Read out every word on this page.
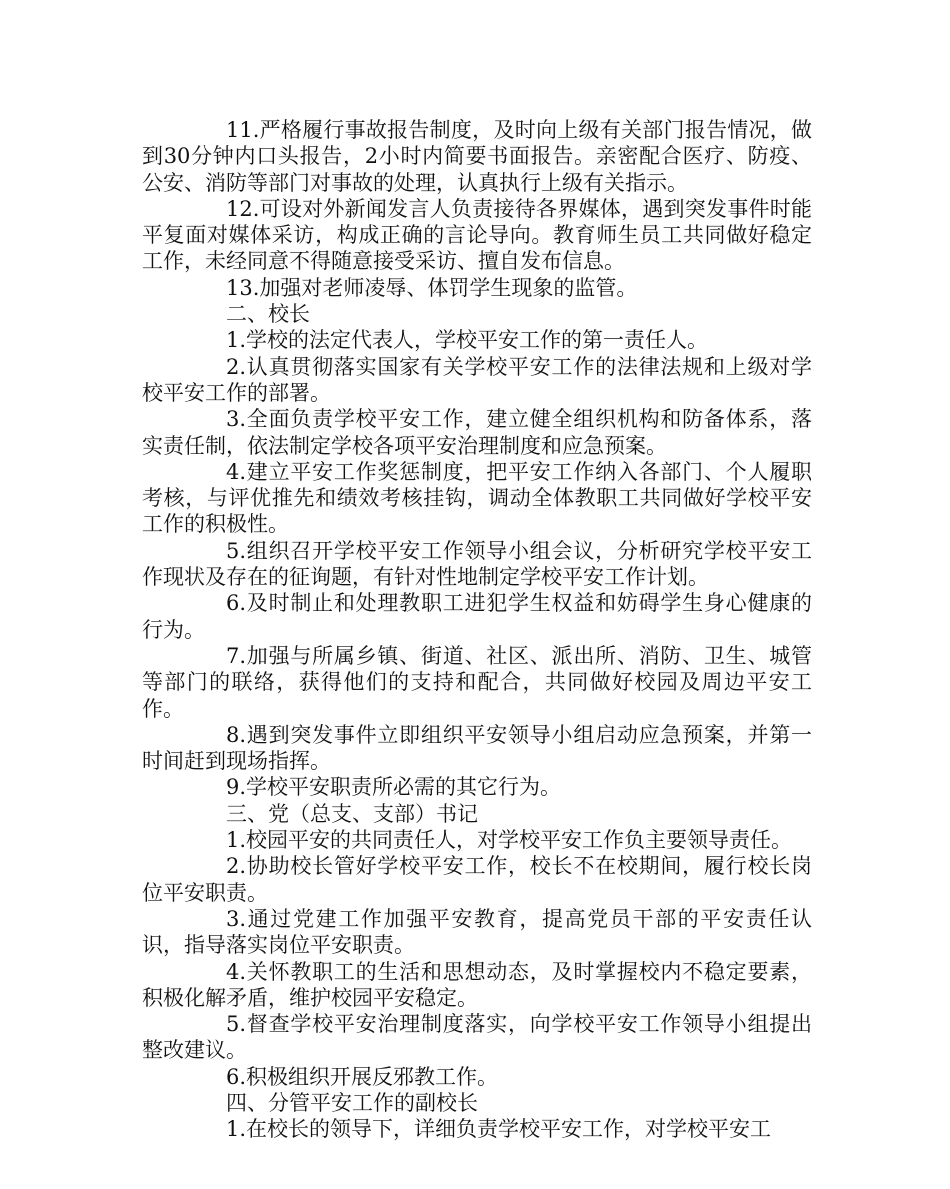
11.严格履行事故报告制度，及时向上级有关部门报告情况，做到30分钟内口头报告，2小时内简要书面报告。亲密配合医疗、防疫、公安、消防等部门对事故的处理，认真执行上级有关指示。

12.可设对外新闻发言人负责接待各界媒体，遇到突发事件时能平复面对媒体采访，构成正确的言论导向。教育师生员工共同做好稳定工作，未经同意不得随意接受采访、擅自发布信息。

13.加强对老师凌辱、体罚学生现象的监管。

二、校长

1.学校的法定代表人，学校平安工作的第一责任人。

2.认真贯彻落实国家有关学校平安工作的法律法规和上级对学校平安工作的部署。

3.全面负责学校平安工作，建立健全组织机构和防备体系，落实责任制，依法制定学校各项平安治理制度和应急预案。

4.建立平安工作奖惩制度，把平安工作纳入各部门、个人履职考核，与评优推先和绩效考核挂钩，调动全体教职工共同做好学校平安工作的积极性。

5.组织召开学校平安工作领导小组会议，分析研究学校平安工作现状及存在的征询题，有针对性地制定学校平安工作计划。

6.及时制止和处理教职工进犯学生权益和妨碍学生身心健康的行为。

7.加强与所属乡镇、街道、社区、派出所、消防、卫生、城管等部门的联络，获得他们的支持和配合，共同做好校园及周边平安工作。

8.遇到突发事件立即组织平安领导小组启动应急预案，并第一时间赶到现场指挥。

9.学校平安职责所必需的其它行为。

三、党（总支、支部）书记

1.校园平安的共同责任人，对学校平安工作负主要领导责任。

2.协助校长管好学校平安工作，校长不在校期间，履行校长岗位平安职责。

3.通过党建工作加强平安教育，提高党员干部的平安责任认识，指导落实岗位平安职责。

4.关怀教职工的生活和思想动态，及时掌握校内不稳定要素，积极化解矛盾，维护校园平安稳定。

5.督查学校平安治理制度落实，向学校平安工作领导小组提出整改建议。

6.积极组织开展反邪教工作。

四、分管平安工作的副校长

1.在校长的领导下，详细负责学校平安工作，对学校平安工
